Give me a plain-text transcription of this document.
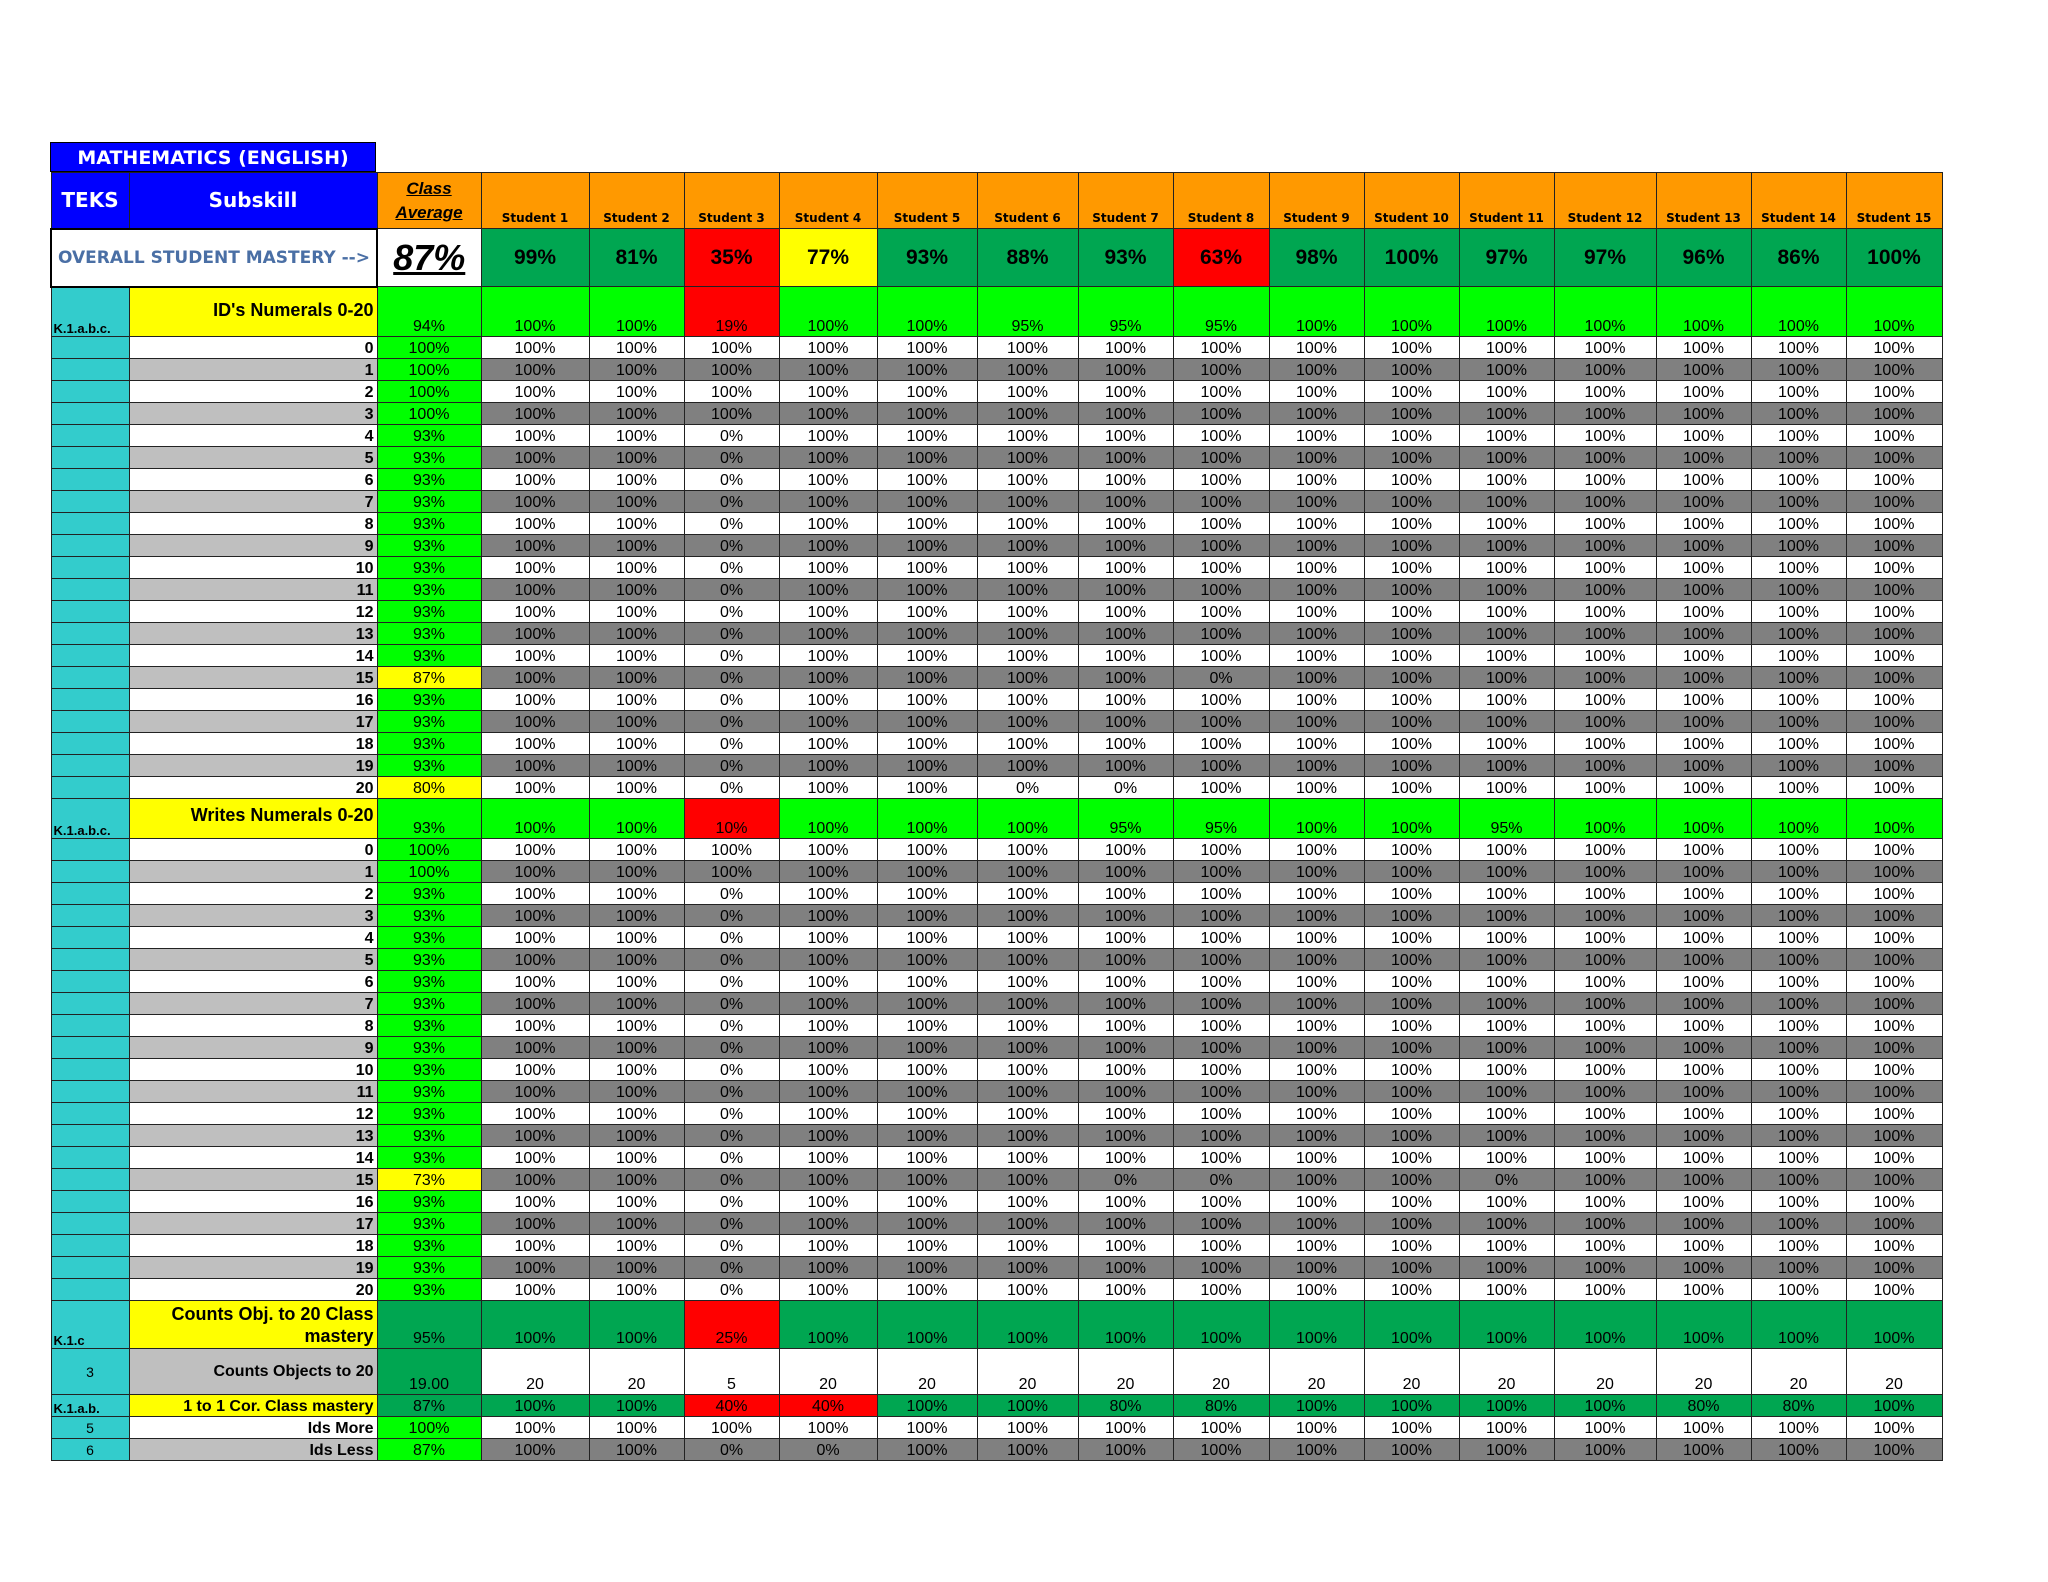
MATHEMATICS (ENGLISH)
TEKS	Subskill	Class Average	Student 1	Student 2	Student 3	Student 4	Student 5	Student 6	Student 7	Student 8	Student 9	Student 10	Student 11	Student 12	Student 13	Student 14	Student 15
OVERALL STUDENT MASTERY -->		87%	99%	81%	35%	77%	93%	88%	93%	63%	98%	100%	97%	97%	96%	86%	100%
K.1.a.b.c.	ID's Numerals 0-20	94%	100%	100%	19%	100%	100%	95%	95%	95%	100%	100%	100%	100%	100%	100%	100%
	0	100%	100%	100%	100%	100%	100%	100%	100%	100%	100%	100%	100%	100%	100%	100%	100%
	1	100%	100%	100%	100%	100%	100%	100%	100%	100%	100%	100%	100%	100%	100%	100%	100%
	2	100%	100%	100%	100%	100%	100%	100%	100%	100%	100%	100%	100%	100%	100%	100%	100%
	3	100%	100%	100%	100%	100%	100%	100%	100%	100%	100%	100%	100%	100%	100%	100%	100%
	4	93%	100%	100%	0%	100%	100%	100%	100%	100%	100%	100%	100%	100%	100%	100%	100%
	5	93%	100%	100%	0%	100%	100%	100%	100%	100%	100%	100%	100%	100%	100%	100%	100%
	6	93%	100%	100%	0%	100%	100%	100%	100%	100%	100%	100%	100%	100%	100%	100%	100%
	7	93%	100%	100%	0%	100%	100%	100%	100%	100%	100%	100%	100%	100%	100%	100%	100%
	8	93%	100%	100%	0%	100%	100%	100%	100%	100%	100%	100%	100%	100%	100%	100%	100%
	9	93%	100%	100%	0%	100%	100%	100%	100%	100%	100%	100%	100%	100%	100%	100%	100%
	10	93%	100%	100%	0%	100%	100%	100%	100%	100%	100%	100%	100%	100%	100%	100%	100%
	11	93%	100%	100%	0%	100%	100%	100%	100%	100%	100%	100%	100%	100%	100%	100%	100%
	12	93%	100%	100%	0%	100%	100%	100%	100%	100%	100%	100%	100%	100%	100%	100%	100%
	13	93%	100%	100%	0%	100%	100%	100%	100%	100%	100%	100%	100%	100%	100%	100%	100%
	14	93%	100%	100%	0%	100%	100%	100%	100%	100%	100%	100%	100%	100%	100%	100%	100%
	15	87%	100%	100%	0%	100%	100%	100%	100%	0%	100%	100%	100%	100%	100%	100%	100%
	16	93%	100%	100%	0%	100%	100%	100%	100%	100%	100%	100%	100%	100%	100%	100%	100%
	17	93%	100%	100%	0%	100%	100%	100%	100%	100%	100%	100%	100%	100%	100%	100%	100%
	18	93%	100%	100%	0%	100%	100%	100%	100%	100%	100%	100%	100%	100%	100%	100%	100%
	19	93%	100%	100%	0%	100%	100%	100%	100%	100%	100%	100%	100%	100%	100%	100%	100%
	20	80%	100%	100%	0%	100%	100%	0%	0%	100%	100%	100%	100%	100%	100%	100%	100%
K.1.a.b.c.	Writes Numerals 0-20	93%	100%	100%	10%	100%	100%	100%	95%	95%	100%	100%	95%	100%	100%	100%	100%
	0	100%	100%	100%	100%	100%	100%	100%	100%	100%	100%	100%	100%	100%	100%	100%	100%
	1	100%	100%	100%	100%	100%	100%	100%	100%	100%	100%	100%	100%	100%	100%	100%	100%
	2	93%	100%	100%	0%	100%	100%	100%	100%	100%	100%	100%	100%	100%	100%	100%	100%
	3	93%	100%	100%	0%	100%	100%	100%	100%	100%	100%	100%	100%	100%	100%	100%	100%
	4	93%	100%	100%	0%	100%	100%	100%	100%	100%	100%	100%	100%	100%	100%	100%	100%
	5	93%	100%	100%	0%	100%	100%	100%	100%	100%	100%	100%	100%	100%	100%	100%	100%
	6	93%	100%	100%	0%	100%	100%	100%	100%	100%	100%	100%	100%	100%	100%	100%	100%
	7	93%	100%	100%	0%	100%	100%	100%	100%	100%	100%	100%	100%	100%	100%	100%	100%
	8	93%	100%	100%	0%	100%	100%	100%	100%	100%	100%	100%	100%	100%	100%	100%	100%
	9	93%	100%	100%	0%	100%	100%	100%	100%	100%	100%	100%	100%	100%	100%	100%	100%
	10	93%	100%	100%	0%	100%	100%	100%	100%	100%	100%	100%	100%	100%	100%	100%	100%
	11	93%	100%	100%	0%	100%	100%	100%	100%	100%	100%	100%	100%	100%	100%	100%	100%
	12	93%	100%	100%	0%	100%	100%	100%	100%	100%	100%	100%	100%	100%	100%	100%	100%
	13	93%	100%	100%	0%	100%	100%	100%	100%	100%	100%	100%	100%	100%	100%	100%	100%
	14	93%	100%	100%	0%	100%	100%	100%	100%	100%	100%	100%	100%	100%	100%	100%	100%
	15	73%	100%	100%	0%	100%	100%	100%	0%	0%	100%	100%	0%	100%	100%	100%	100%
	16	93%	100%	100%	0%	100%	100%	100%	100%	100%	100%	100%	100%	100%	100%	100%	100%
	17	93%	100%	100%	0%	100%	100%	100%	100%	100%	100%	100%	100%	100%	100%	100%	100%
	18	93%	100%	100%	0%	100%	100%	100%	100%	100%	100%	100%	100%	100%	100%	100%	100%
	19	93%	100%	100%	0%	100%	100%	100%	100%	100%	100%	100%	100%	100%	100%	100%	100%
	20	93%	100%	100%	0%	100%	100%	100%	100%	100%	100%	100%	100%	100%	100%	100%	100%
K.1.c	Counts Obj. to 20 Class mastery	95%	100%	100%	25%	100%	100%	100%	100%	100%	100%	100%	100%	100%	100%	100%	100%
3	Counts Objects to 20	19.00	20	20	5	20	20	20	20	20	20	20	20	20	20	20	20
K.1.a.b.	1 to 1 Cor. Class mastery	87%	100%	100%	40%	40%	100%	100%	80%	80%	100%	100%	100%	100%	80%	80%	100%
5	Ids More	100%	100%	100%	100%	100%	100%	100%	100%	100%	100%	100%	100%	100%	100%	100%	100%
6	Ids Less	87%	100%	100%	0%	0%	100%	100%	100%	100%	100%	100%	100%	100%	100%	100%	100%
